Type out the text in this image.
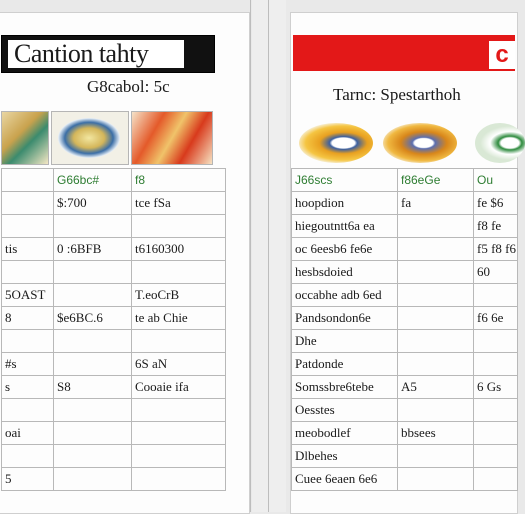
Cantion tahty
G8cabol: 5c
	G66bc#	f8
	$:700	tce fSa

tis	0 :6BFB	t6160300

5OAST		T.eoCrB
8	$e6BC.6	te ab Chie

#s		6S aN
s	S8	Cooaie ifa

oai		

5		
c
Tarnc: Spestarthoh
J66scs	f86eGe	Ou
hoopdion	fa	fe $6
hiegoutntt6a ea		f8 fe
oc 6eesb6 fe6e		f5 f8 f6
hesbsdoied		60
occabhe adb 6ed		
Pandsondon6e		f6 6e
Dhe		
Patdonde		
Somssbre6tebe	A5	6 Gs
Oesstes		
meobodlef	bbsees	
Dlbehes		
Cuee 6eaen 6e6		
